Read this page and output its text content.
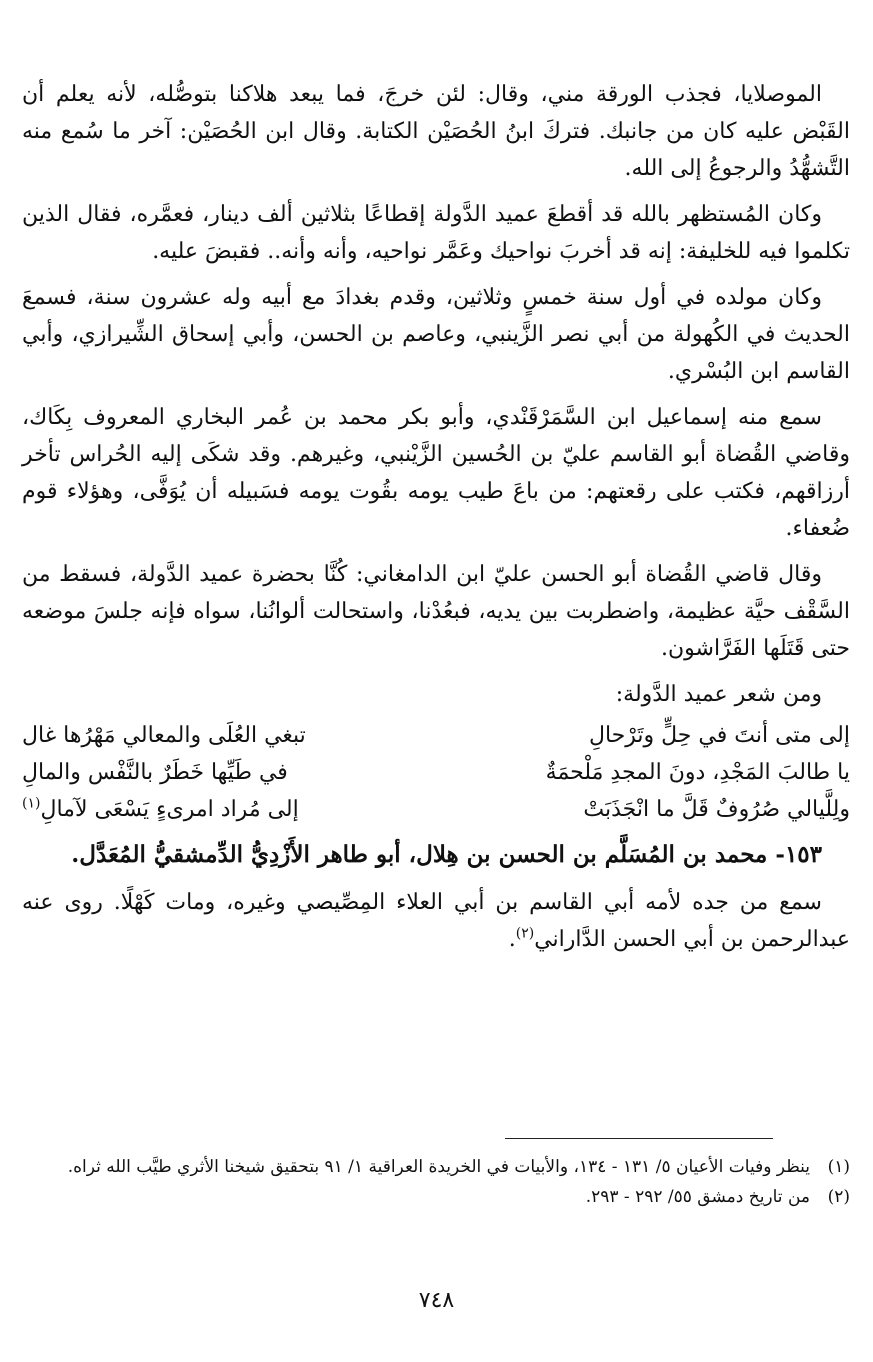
الموصلايا، فجذب الورقة مني، وقال: لئن خرجَ، فما يبعد هلاكنا بتوصُّله، لأنه يعلم أن القَبْض عليه كان من جانبك. فتركَ ابنُ الحُصَيْن الكتابة. وقال ابن الحُصَيْن: آخر ما سُمع منه التَّشهُّدُ والرجوعُ إلى الله.

وكان المُستظهر بالله قد أقطعَ عميد الدَّولة إقطاعًا بثلاثين ألف دينار، فعمَّره، فقال الذين تكلموا فيه للخليفة: إنه قد أخربَ نواحيك وعَمَّر نواحيه، وأنه وأنه.. فقبضَ عليه.

وكان مولده في أول سنة خمسٍ وثلاثين، وقدم بغدادَ مع أبيه وله عشرون سنة، فسمعَ الحديث في الكُهولة من أبي نصر الزَّينبي، وعاصم بن الحسن، وأبي إسحاق الشِّيرازي، وأبي القاسم ابن البُسْري.

سمع منه إسماعيل ابن السَّمَرْقَنْدي، وأبو بكر محمد بن عُمر البخاري المعروف بِكَاك، وقاضي القُضاة أبو القاسم عليّ بن الحُسين الزَّيْنبي، وغيرهم. وقد شكَى إليه الحُراس تأخر أرزاقهم، فكتب على رقعتهم: من باعَ طيب يومه بقُوت يومه فسَبيله أن يُوَفَّى، وهؤلاء قوم ضُعفاء.

وقال قاضي القُضاة أبو الحسن عليّ ابن الدامغاني: كُنَّا بحضرة عميد الدَّولة، فسقط من السَّقْف حيَّة عظيمة، واضطربت بين يديه، فبعُدْنا، واستحالت ألوانُنا، سواه فإنه جلسَ موضعه حتى قَتَلَها الفَرَّاشون.

ومن شعر عميد الدَّولة:

إلى متى أنتَ في حِلٍّ وتَرْحالِ
تبغي العُلَى والمعالي مَهْرُها غال
يا طالبَ المَجْدِ، دونَ المجدِ مَلْحمَةٌ
في طَيِّها خَطَرٌ بالنَّفْس والمالِ
ولِلَّيالي صُرُوفٌ قَلَّ ما انْجَذَبَتْ
إلى مُراد امرىءٍ يَسْعَى لآمالِ$^{(١)}$

١٥٣- محمد بن المُسَلَّم بن الحسن بن هِلال، أبو طاهر الأَزْدِيُّ الدِّمشقيُّ المُعَدَّل.

سمع من جده لأمه أبي القاسم بن أبي العلاء المِصِّيصي وغيره، ومات كَهْلًا. روى عنه عبدالرحمن بن أبي الحسن الدَّاراني$^{(٢)}$.

(١)
ينظر وفيات الأعيان ٥/ ١٣١ - ١٣٤، والأبيات في الخريدة العراقية ١/ ٩١ بتحقيق شيخنا الأثري طيَّب الله ثراه.
(٢)
من تاريخ دمشق ٥٥/ ٢٩٢ - ٢٩٣.
٧٤٨
